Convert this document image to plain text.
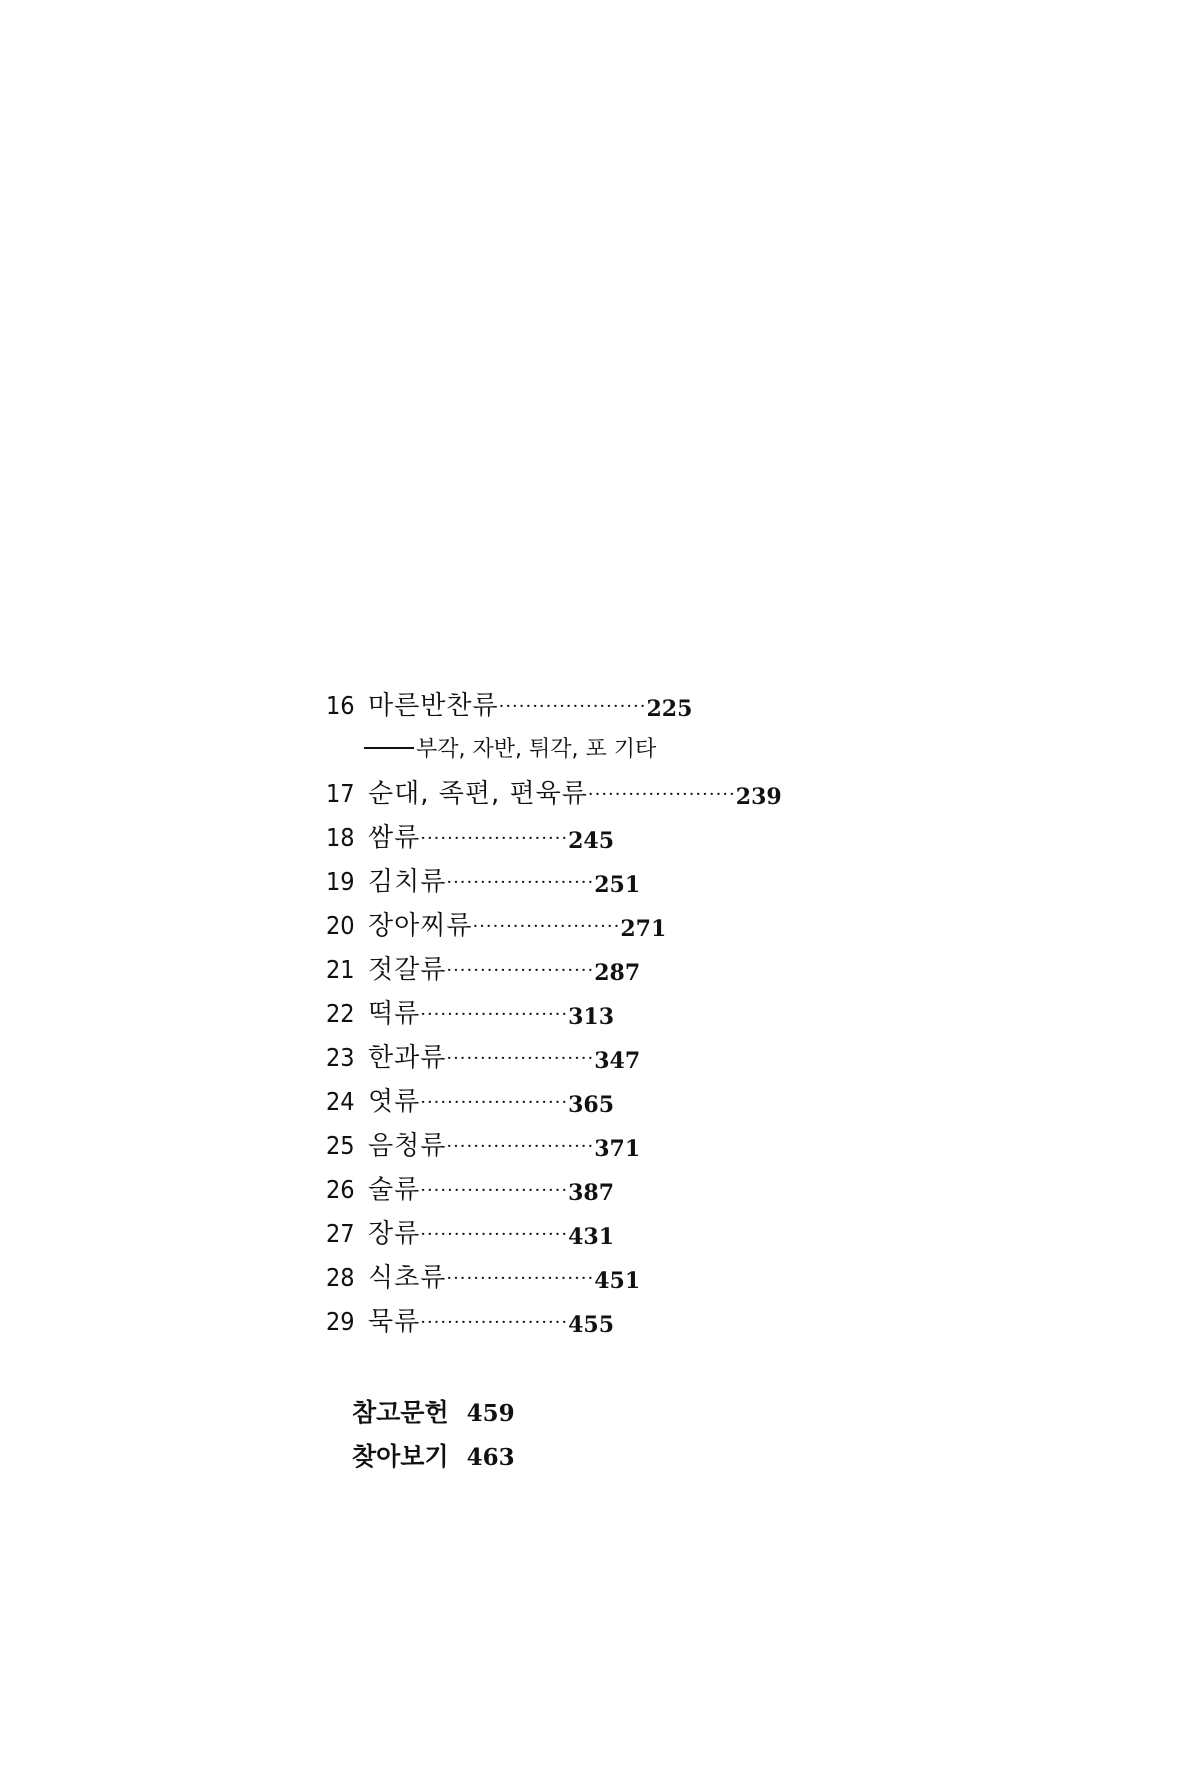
16 마른반찬류······················225
부각, 자반, 튀각, 포 기타
17 순대, 족편, 편육류······················239
18 쌈류······················245
19 김치류······················251
20 장아찌류······················271
21 젓갈류······················287
22 떡류······················313
23 한과류······················347
24 엿류······················365
25 음청류······················371
26 술류······················387
27 장류······················431
28 식초류······················451
29 묵류······················455
참고문헌 459
찾아보기 463
